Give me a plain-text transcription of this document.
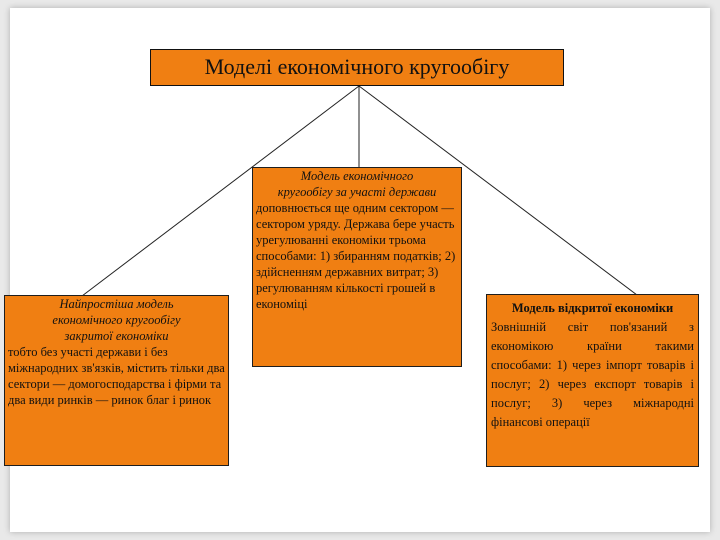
Моделі економічного кругообігу
Найпростіша модель
економічного кругообігу
закритої економіки
тобто без участі держави і без міжнародних зв'язків, містить тільки два сектори — домогосподарства і фірми та два види ринків — ринок благ і ринок
Модель економічного
кругообігу за участі держави
доповнюється ще одним сектором — сектором уряду. Держава бере участь урегулюванні економіки трьома способами: 1) збиранням податків; 2) здійсненням державних витрат; 3) регулюванням кількості грошей в економіці	Модель відкритої економіки
Зовнішній світ пов'язаний з економікою країни такими способами: 1) через імпорт товарів і послуг; 2) через експорт товарів і послуг; 3) через міжнародні фінансові операції
